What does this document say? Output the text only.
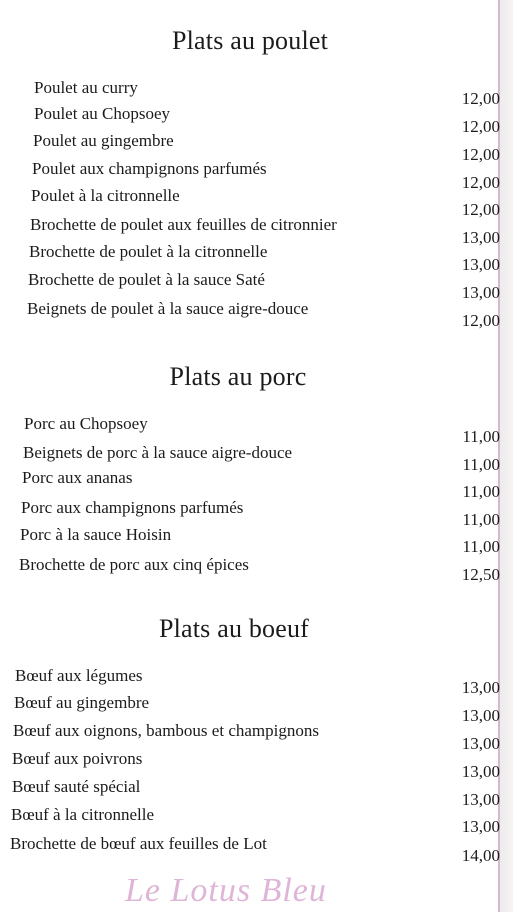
Plats au poulet
Poulet au curry
12,00
Poulet au Chopsoey
12,00
Poulet au gingembre
12,00
Poulet aux champignons parfumés
12,00
Poulet à la citronnelle
12,00
Brochette de poulet aux feuilles de citronnier
13,00
Brochette de poulet à la citronnelle
13,00
Brochette de poulet à la sauce Saté
13,00
Beignets de poulet à la sauce aigre-douce
12,00
Plats au porc
Porc au Chopsoey
11,00
Beignets de porc à la sauce aigre-douce
11,00
Porc aux ananas
11,00
Porc aux champignons parfumés
11,00
Porc à la sauce Hoisin
11,00
Brochette de porc aux cinq épices
12,50
Plats au boeuf
Bœuf aux légumes
13,00
Bœuf au gingembre
13,00
Bœuf aux oignons, bambous et champignons
13,00
Bœuf aux poivrons
13,00
Bœuf sauté spécial
13,00
Bœuf à la citronnelle
13,00
Brochette de bœuf aux feuilles de Lot
14,00
Le Lotus Bleu
